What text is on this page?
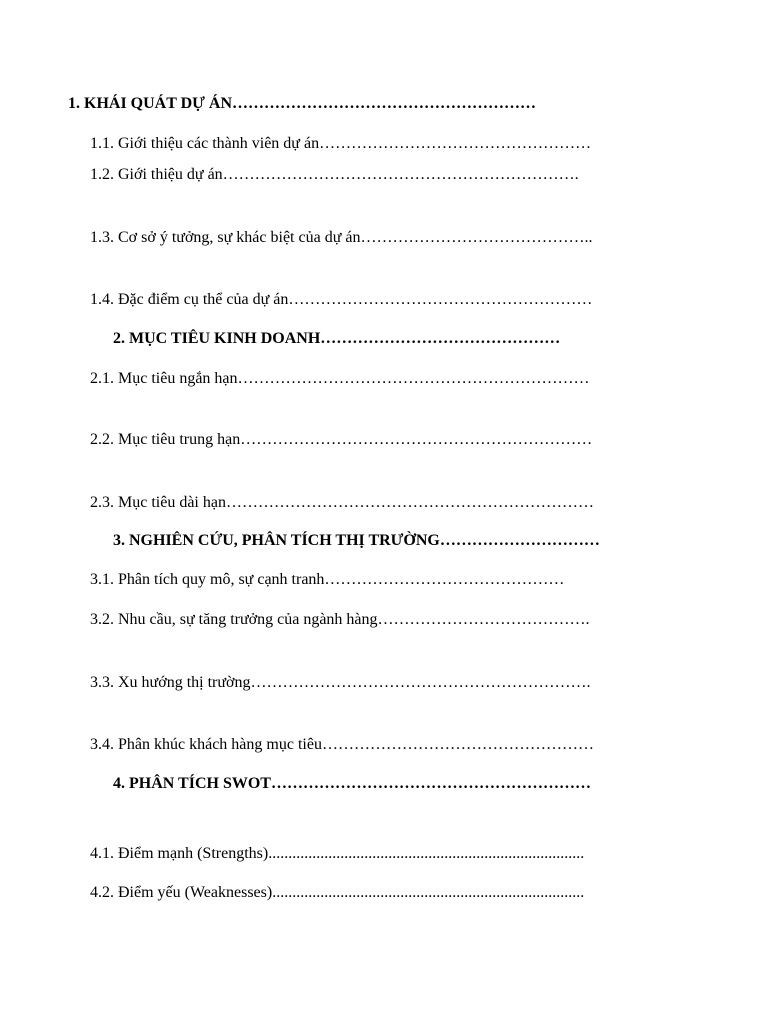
1. KHÁI QUÁT DỰ ÁN…………………………………………………
1.1. Giới thiệu các thành viên dự án……………………………………………
1.2. Giới thiệu dự án………………………………………………………….
1.3. Cơ sở ý tưởng, sự khác biệt của dự án……………………………………..
1.4. Đặc điểm cụ thể của dự án…………………………………………………
2. MỤC TIÊU KINH DOANH………………………………………
2.1. Mục tiêu ngắn hạn…………………………………………………………
2.2. Mục tiêu trung hạn…………………………………………………………
2.3. Mục tiêu dài hạn……………………………………………………………
3. NGHIÊN CỨU, PHÂN TÍCH THỊ TRƯỜNG…………………………
3.1. Phân tích quy mô, sự cạnh tranh………………………………………
3.2. Nhu cầu, sự tăng trưởng của ngành hàng………………………………….
3.3. Xu hướng thị trường……………………………………………………….
3.4. Phân khúc khách hàng mục tiêu……………………………………………
4. PHÂN TÍCH SWOT……………………………………………………
4.1. Điểm mạnh (Strengths)...............................................................................
4.2. Điểm yếu (Weaknesses)..............................................................................
